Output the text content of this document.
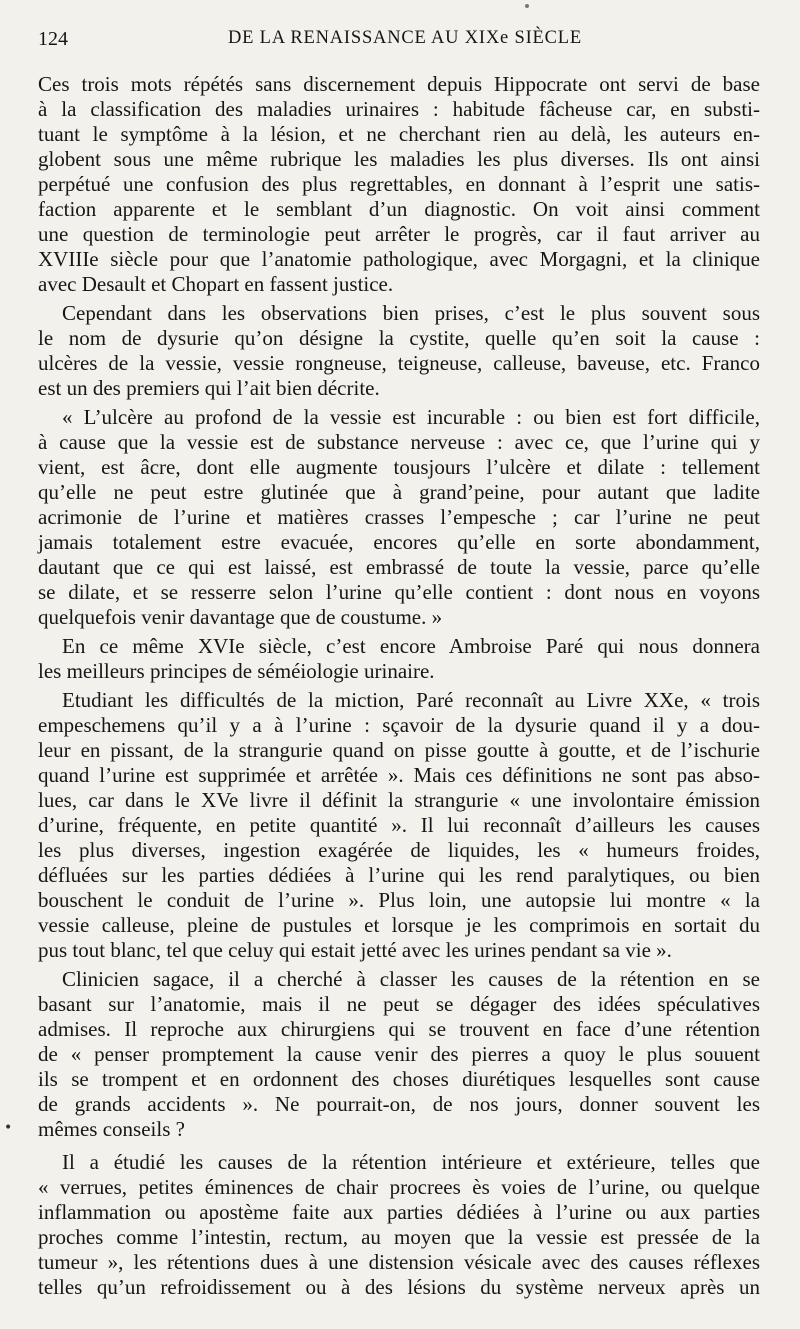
124	DE LA RENAISSANCE AU XIXe SIÈCLE
Ces trois mots répétés sans discernement depuis Hippocrate ont servi de base
à la classification des maladies urinaires : habitude fâcheuse car, en substi-
tuant le symptôme à la lésion, et ne cherchant rien au delà, les auteurs en-
globent sous une même rubrique les maladies les plus diverses. Ils ont ainsi
perpétué une confusion des plus regrettables, en donnant à l’esprit une satis-
faction apparente et le semblant d’un diagnostic. On voit ainsi comment
une question de terminologie peut arrêter le progrès, car il faut arriver au
XVIIIe siècle pour que l’anatomie pathologique, avec Morgagni, et la clinique
avec Desault et Chopart en fassent justice.
Cependant dans les observations bien prises, c’est le plus souvent sous
le nom de dysurie qu’on désigne la cystite, quelle qu’en soit la cause :
ulcères de la vessie, vessie rongneuse, teigneuse, calleuse, baveuse, etc. Franco
est un des premiers qui l’ait bien décrite.
« L’ulcère au profond de la vessie est incurable : ou bien est fort difficile,
à cause que la vessie est de substance nerveuse : avec ce, que l’urine qui y
vient, est âcre, dont elle augmente tousjours l’ulcère et dilate : tellement
qu’elle ne peut estre glutinée que à grand’peine, pour autant que ladite
acrimonie de l’urine et matières crasses l’empesche ; car l’urine ne peut
jamais totalement estre evacuée, encores qu’elle en sorte abondamment,
dautant que ce qui est laissé, est embrassé de toute la vessie, parce qu’elle
se dilate, et se resserre selon l’urine qu’elle contient : dont nous en voyons
quelquefois venir davantage que de coustume. »
En ce même XVIe siècle, c’est encore Ambroise Paré qui nous donnera
les meilleurs principes de séméiologie urinaire.
Etudiant les difficultés de la miction, Paré reconnaît au Livre XXe, « trois
empeschemens qu’il y a à l’urine : sçavoir de la dysurie quand il y a dou-
leur en pissant, de la strangurie quand on pisse goutte à goutte, et de l’ischurie
quand l’urine est supprimée et arrêtée ». Mais ces définitions ne sont pas abso-
lues, car dans le XVe livre il définit la strangurie « une involontaire émission
d’urine, fréquente, en petite quantité ». Il lui reconnaît d’ailleurs les causes
les plus diverses, ingestion exagérée de liquides, les « humeurs froides,
défluées sur les parties dédiées à l’urine qui les rend paralytiques, ou bien
bouschent le conduit de l’urine ». Plus loin, une autopsie lui montre « la
vessie calleuse, pleine de pustules et lorsque je les comprimois en sortait du
pus tout blanc, tel que celuy qui estait jetté avec les urines pendant sa vie ».
Clinicien sagace, il a cherché à classer les causes de la rétention en se
basant sur l’anatomie, mais il ne peut se dégager des idées spéculatives
admises. Il reproche aux chirurgiens qui se trouvent en face d’une rétention
de « penser promptement la cause venir des pierres a quoy le plus souuent
ils se trompent et en ordonnent des choses diurétiques lesquelles sont cause
de grands accidents ». Ne pourrait-on, de nos jours, donner souvent les
mêmes conseils ?
Il a étudié les causes de la rétention intérieure et extérieure, telles que
« verrues, petites éminences de chair procrees ès voies de l’urine, ou quelque
inflammation ou apostème faite aux parties dédiées à l’urine ou aux parties
proches comme l’intestin, rectum, au moyen que la vessie est pressée de la
tumeur », les rétentions dues à une distension vésicale avec des causes réflexes
telles qu’un refroidissement ou à des lésions du système nerveux après un
•
